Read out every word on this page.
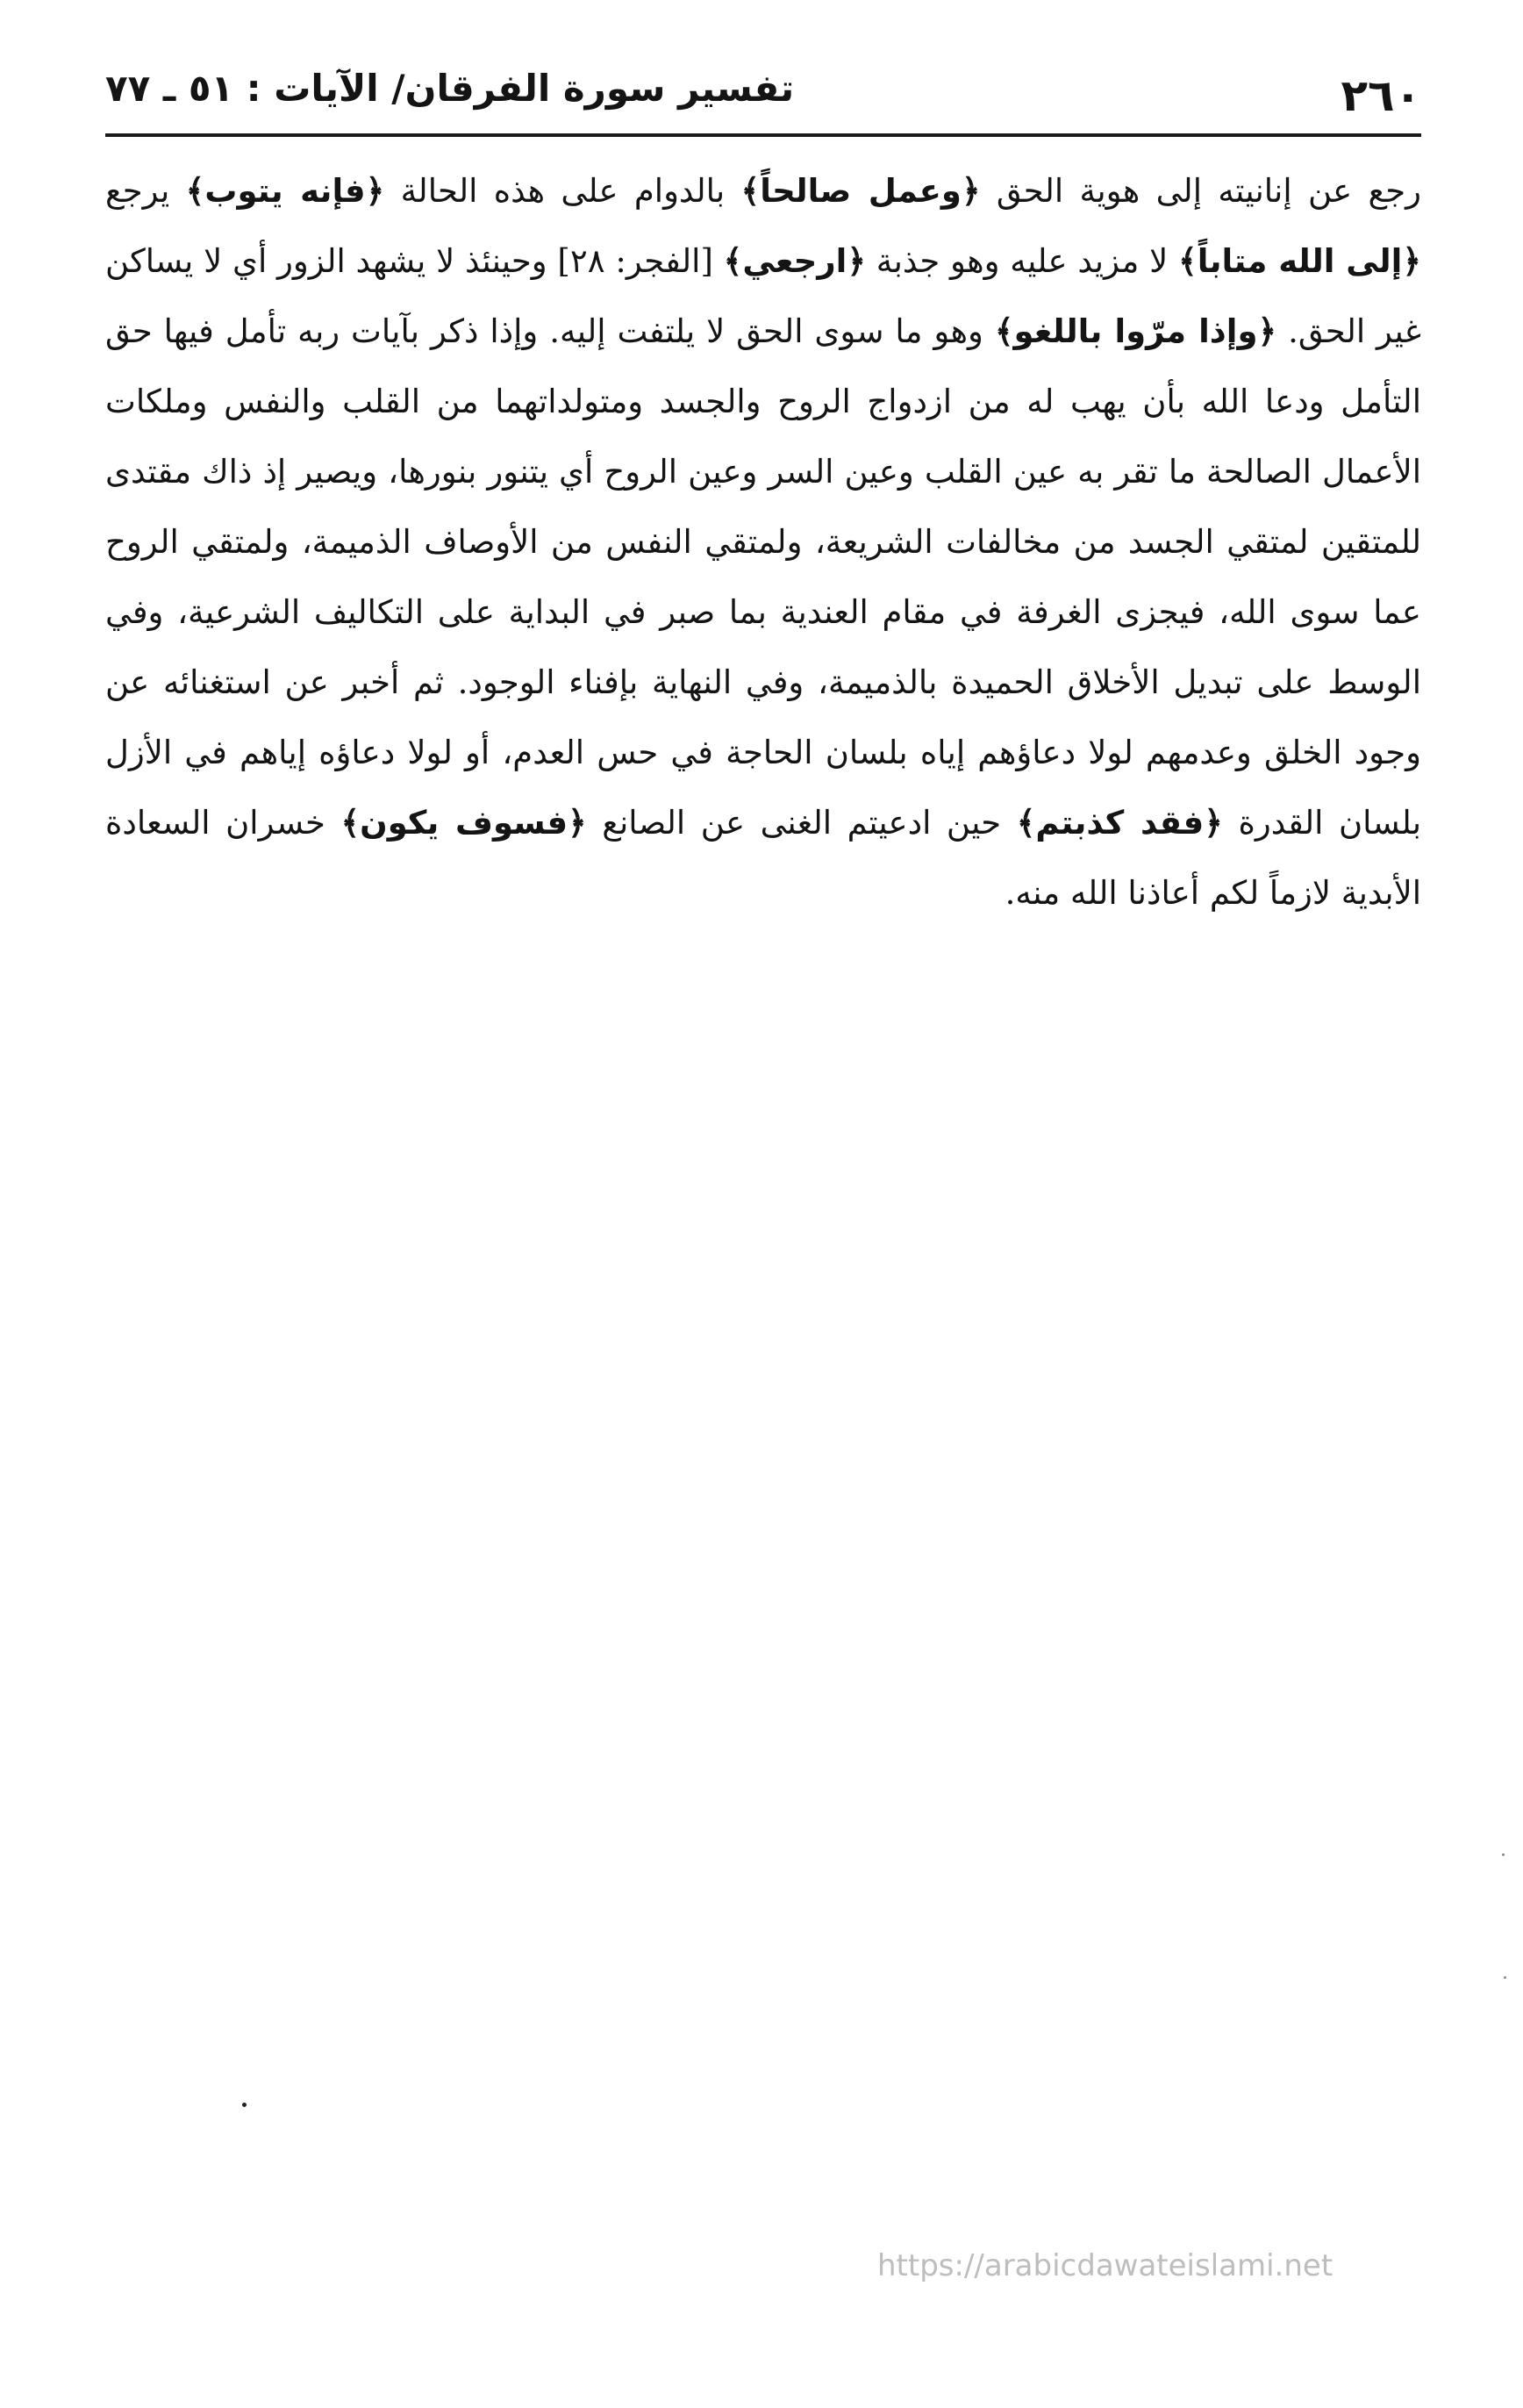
٢٦٠
تفسير سورة الفرقان/ الآيات : ٥١ ـ ٧٧

رجع عن إنانيته إلى هوية الحق ﴿وعمل صالحاً﴾ بالدوام على هذه الحالة ﴿فإنه يتوب﴾ يرجع ﴿إلى الله متاباً﴾ لا مزيد عليه وهو جذبة ﴿ارجعي﴾ [الفجر: ٢٨] وحينئذ لا يشهد الزور أي لا يساكن غير الحق. ﴿وإذا مرّوا باللغو﴾ وهو ما سوى الحق لا يلتفت إليه. وإذا ذكر بآيات ربه تأمل فيها حق التأمل ودعا الله بأن يهب له من ازدواج الروح والجسد ومتولداتهما من القلب والنفس وملكات الأعمال الصالحة ما تقر به عين القلب وعين السر وعين الروح أي يتنور بنورها، ويصير إذ ذاك مقتدى للمتقين لمتقي الجسد من مخالفات الشريعة، ولمتقي النفس من الأوصاف الذميمة، ولمتقي الروح عما سوى الله، فيجزى الغرفة في مقام العندية بما صبر في البداية على التكاليف الشرعية، وفي الوسط على تبديل الأخلاق الحميدة بالذميمة، وفي النهاية بإفناء الوجود. ثم أخبر عن استغنائه عن وجود الخلق وعدمهم لولا دعاؤهم إياه بلسان الحاجة في حس العدم، أو لولا دعاؤه إياهم في الأزل بلسان القدرة ﴿فقد كذبتم﴾ حين ادعيتم الغنى عن الصانع ﴿فسوف يكون﴾ خسران السعادة الأبدية لازماً لكم أعاذنا الله منه.

https://arabicdawateislami.net
